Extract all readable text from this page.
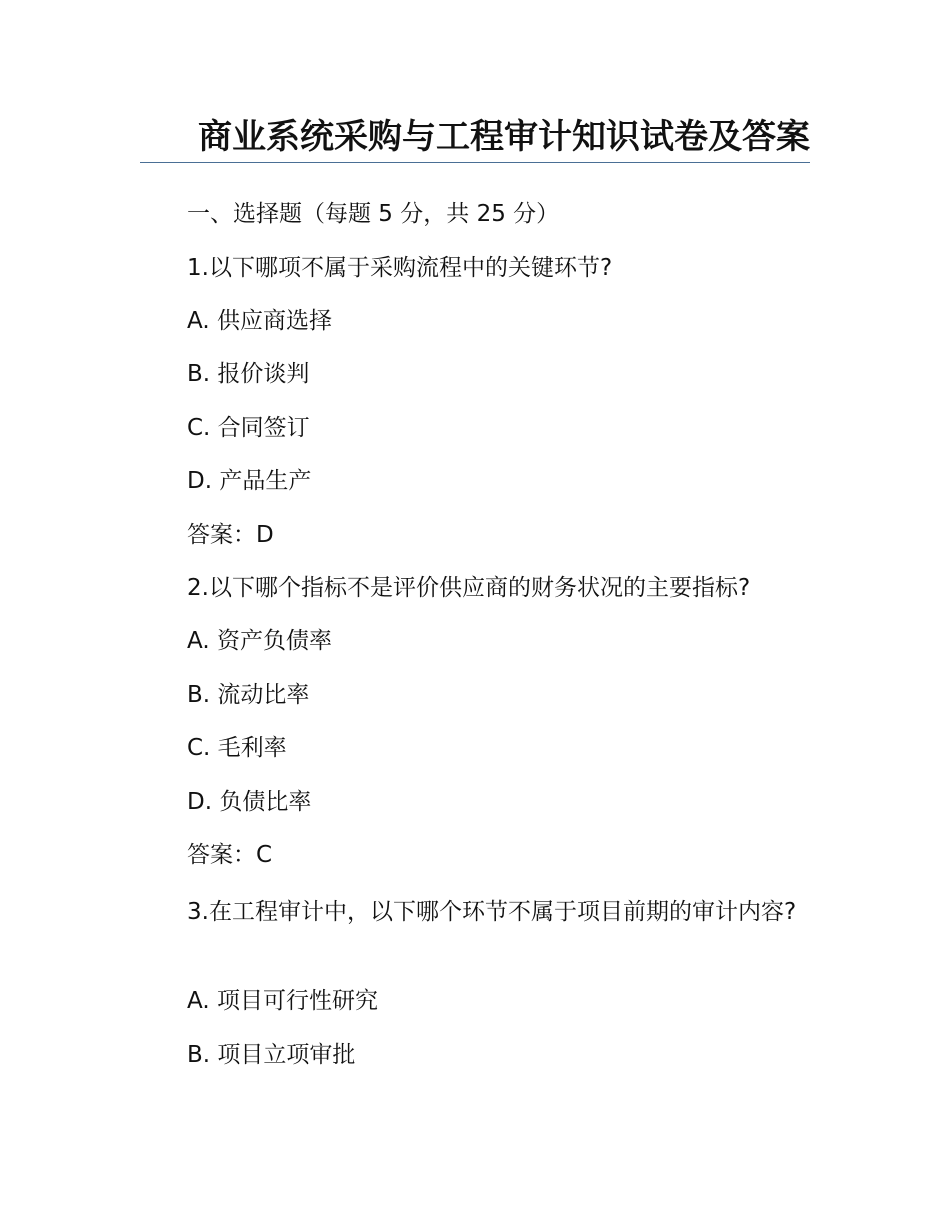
商业系统采购与工程审计知识试卷及答案
一、选择题（每题 5 分，共 25 分）
1.以下哪项不属于采购流程中的关键环节?
A. 供应商选择
B. 报价谈判
C. 合同签订
D. 产品生产
答案：D
2.以下哪个指标不是评价供应商的财务状况的主要指标?
A. 资产负债率
B. 流动比率
C. 毛利率
D. 负债比率
答案：C
3.在工程审计中，以下哪个环节不属于项目前期的审计内容?
A. 项目可行性研究
B. 项目立项审批
